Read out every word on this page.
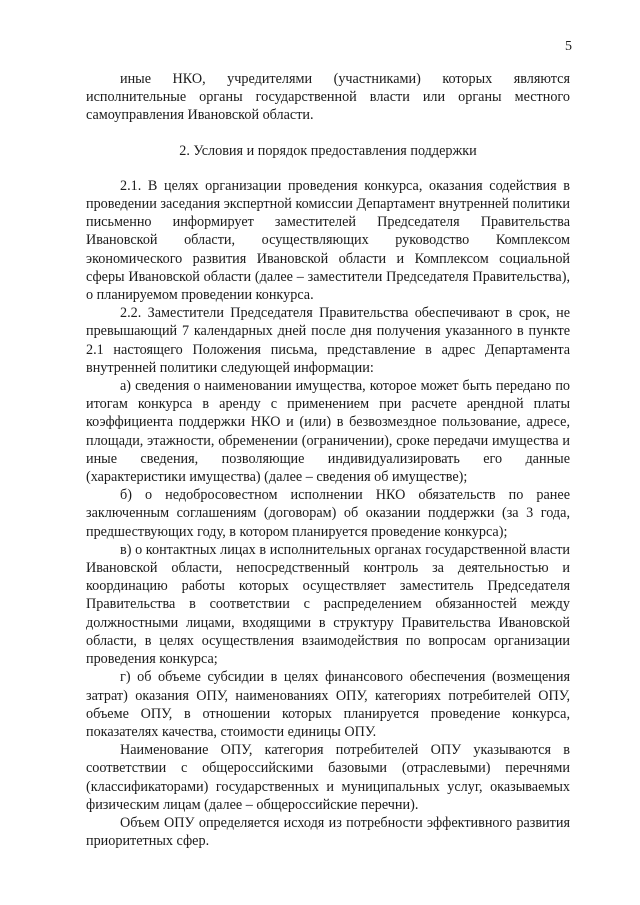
5

иные НКО, учредителями (участниками) которых являются исполнительные органы государственной власти или органы местного самоуправления Ивановской области.

2. Условия и порядок предоставления поддержки

2.1. В целях организации проведения конкурса, оказания содействия в проведении заседания экспертной комиссии Департамент внутренней политики письменно информирует заместителей Председателя Правительства Ивановской области, осуществляющих руководство Комплексом экономического развития Ивановской области и Комплексом социальной сферы Ивановской области (далее – заместители Председателя Правительства), о планируемом проведении конкурса.

2.2. Заместители Председателя Правительства обеспечивают в срок, не превышающий 7 календарных дней после дня получения указанного в пункте 2.1 настоящего Положения письма, представление в адрес Департамента внутренней политики следующей информации:

а) сведения о наименовании имущества, которое может быть передано по итогам конкурса в аренду с применением при расчете арендной платы коэффициента поддержки НКО и (или) в безвозмездное пользование, адресе, площади, этажности, обременении (ограничении), сроке передачи имущества и иные сведения, позволяющие индивидуализировать его данные (характеристики имущества) (далее – сведения об имуществе);

б) о недобросовестном исполнении НКО обязательств по ранее заключенным соглашениям (договорам) об оказании поддержки (за 3 года, предшествующих году, в котором планируется проведение конкурса);

в) о контактных лицах в исполнительных органах государственной власти Ивановской области, непосредственный контроль за деятельностью и координацию работы которых осуществляет заместитель Председателя Правительства в соответствии с распределением обязанностей между должностными лицами, входящими в структуру Правительства Ивановской области, в целях осуществления взаимодействия по вопросам организации проведения конкурса;

г) об объеме субсидии в целях финансового обеспечения (возмещения затрат) оказания ОПУ, наименованиях ОПУ, категориях потребителей ОПУ, объеме ОПУ, в отношении которых планируется проведение конкурса, показателях качества, стоимости единицы ОПУ.

Наименование ОПУ, категория потребителей ОПУ указываются в соответствии с общероссийскими базовыми (отраслевыми) перечнями (классификаторами) государственных и муниципальных услуг, оказываемых физическим лицам (далее – общероссийские перечни).

Объем ОПУ определяется исходя из потребности эффективного развития приоритетных сфер.
